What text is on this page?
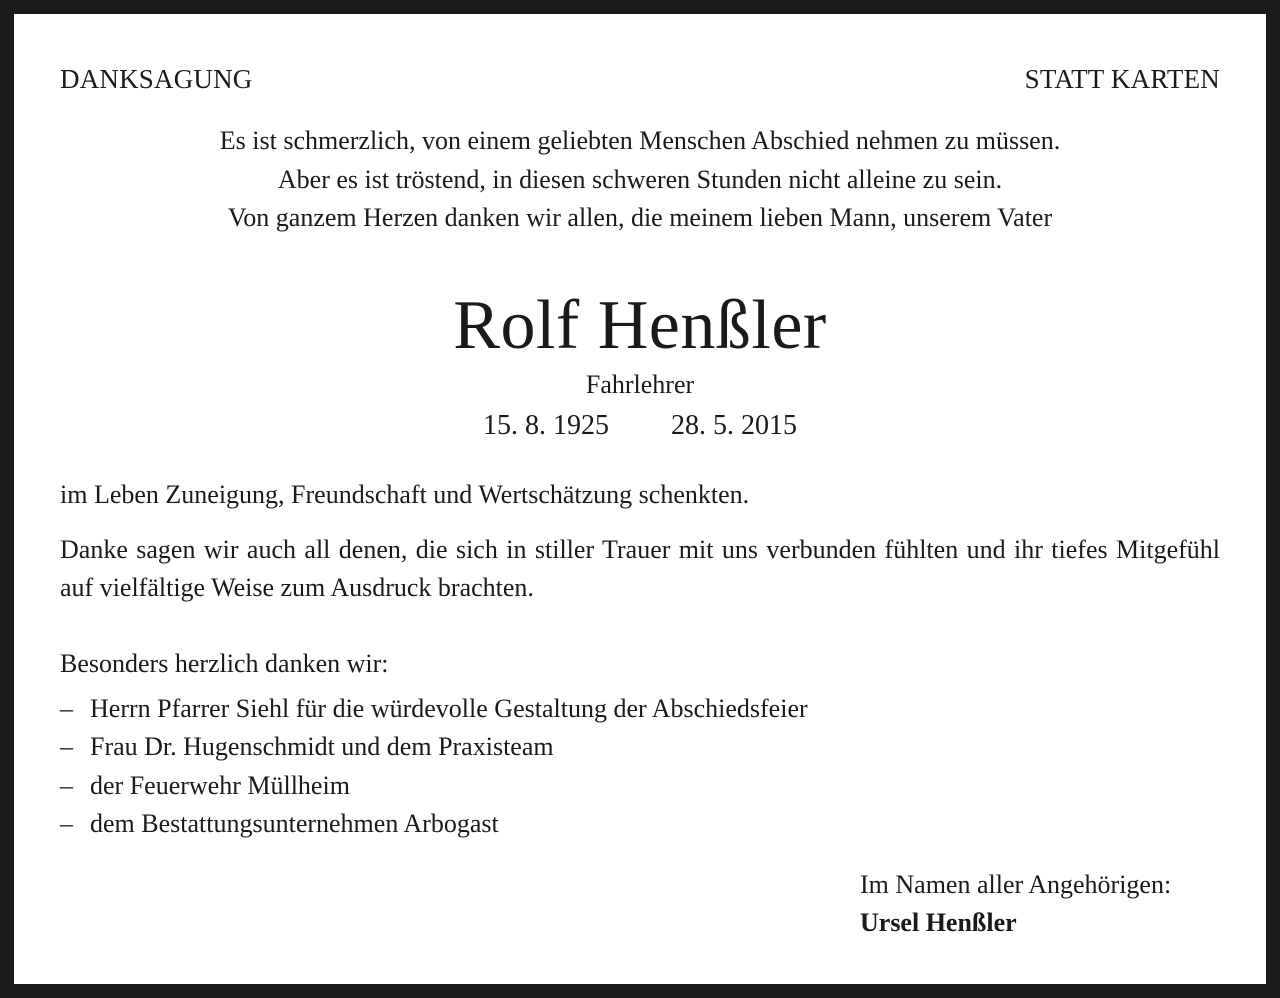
DANKSAGUNG	STATT KARTEN
Es ist schmerzlich, von einem geliebten Menschen Abschied nehmen zu müssen.
Aber es ist tröstend, in diesen schweren Stunden nicht alleine zu sein.
Von ganzem Herzen danken wir allen, die meinem lieben Mann, unserem Vater
Rolf Henßler
Fahrlehrer
15. 8. 1925 28. 5. 2015
im Leben Zuneigung, Freundschaft und Wertschätzung schenkten.
Danke sagen wir auch all denen, die sich in stiller Trauer mit uns verbunden fühlten und ihr tiefes Mitgefühl auf vielfältige Weise zum Ausdruck brachten.
Besonders herzlich danken wir:
– Herrn Pfarrer Siehl für die würdevolle Gestaltung der Abschiedsfeier
– Frau Dr. Hugenschmidt und dem Praxisteam
– der Feuerwehr Müllheim
– dem Bestattungsunternehmen Arbogast
Im Namen aller Angehörigen:
Ursel Henßler
